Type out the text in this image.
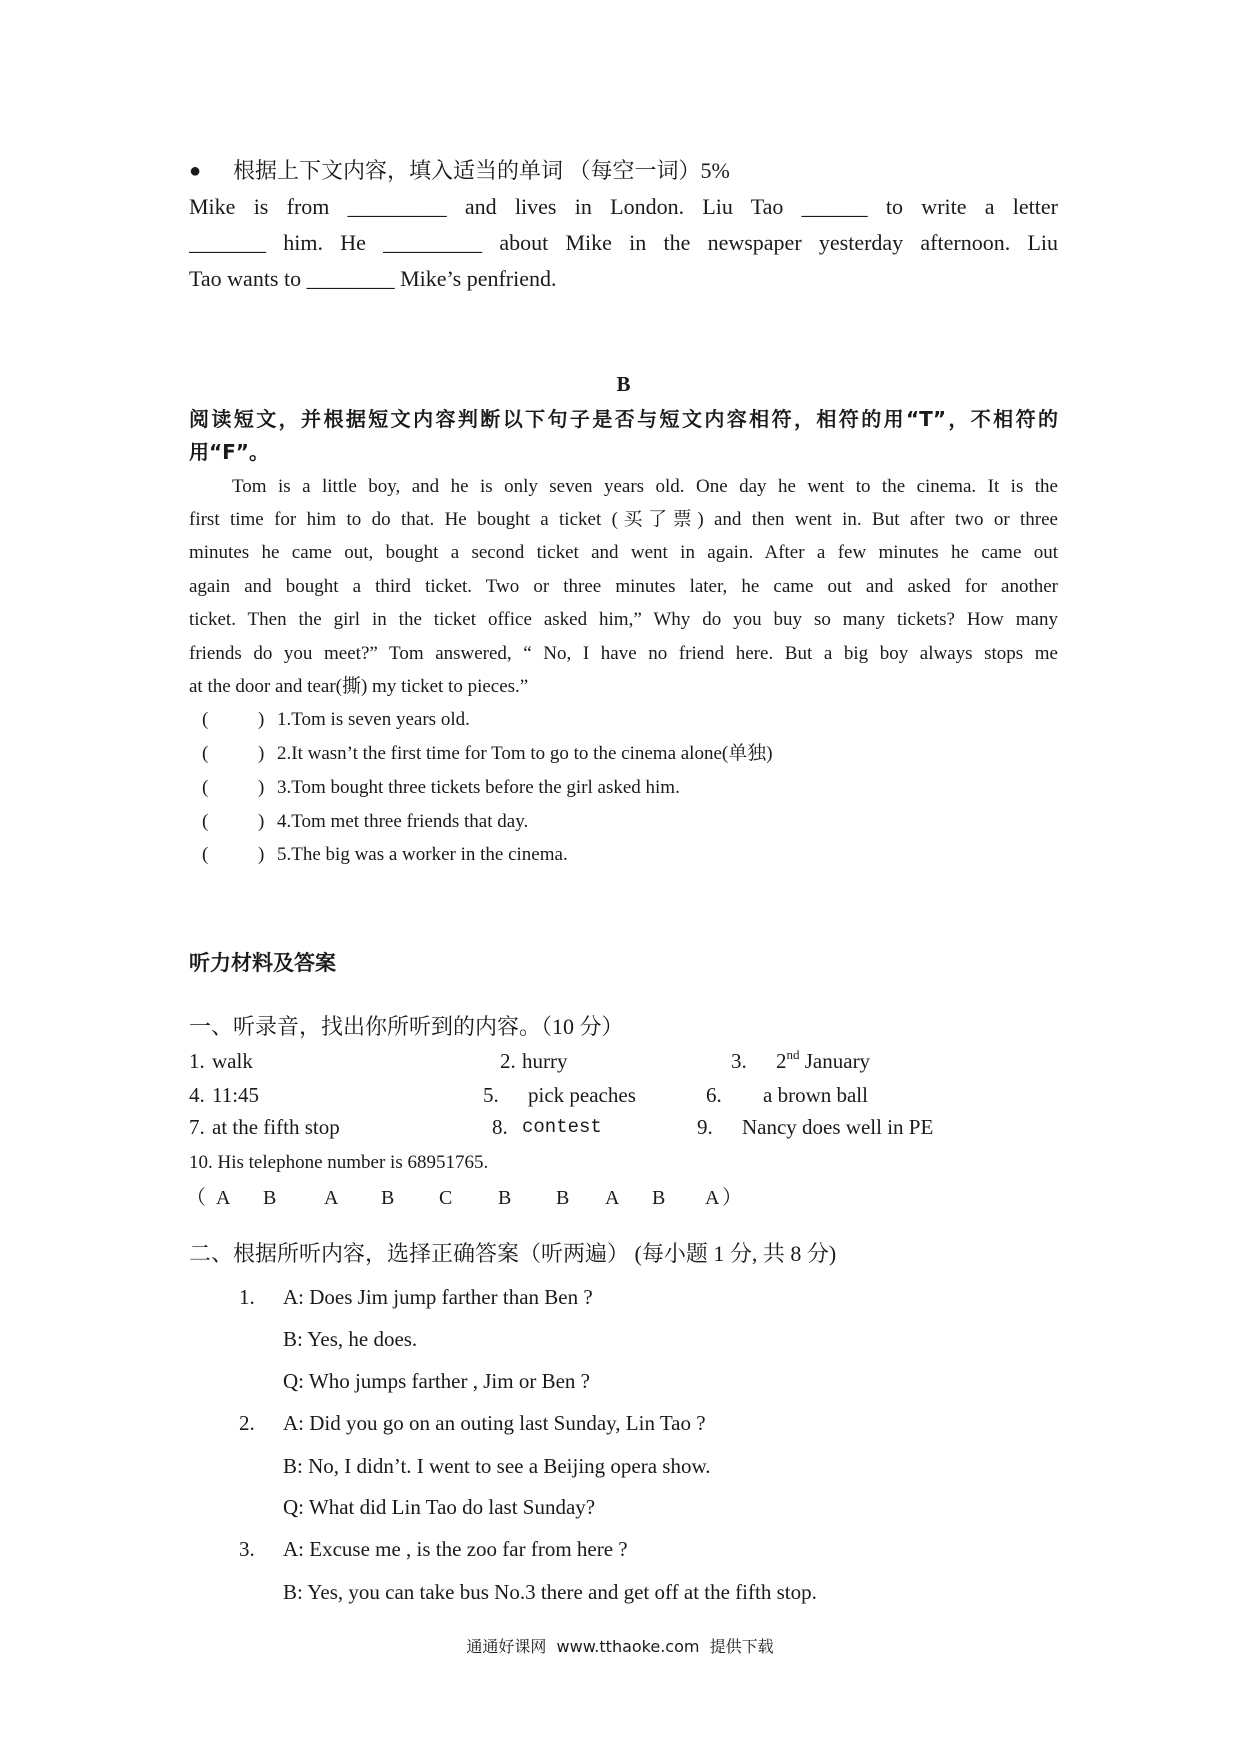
● 根据上下文内容，填入适当的单词 （每空一词）5%
Mike is from _________ and lives in London. Liu Tao ______ to write a letter
_______ him. He _________ about Mike in the newspaper yesterday afternoon. Liu
Tao wants to ________ Mike’s penfriend.
B
阅读短文，并根据短文内容判断以下句子是否与短文内容相符，相符的用“T”，不相符的
用“F”。
Tom is a little boy, and he is only seven years old. One day he went to the cinema. It is the
first time for him to do that. He bought a ticket (买了票) and then went in. But after two or three
minutes he came out, bought a second ticket and went in again. After a few minutes he came out
again and bought a third ticket. Two or three minutes later, he came out and asked for another
ticket. Then the girl in the ticket office asked him,” Why do you buy so many tickets? How many
friends do you meet?” Tom answered, “ No, I have no friend here. But a big boy always stops me
at the door and tear(撕) my ticket to pieces.”
(	) 1.Tom is seven years old.
(	) 2.It wasn’t the first time for Tom to go to the cinema alone(单独)
(	) 3.Tom bought three tickets before the girl asked him.
(	) 4.Tom met three friends that day.
(	) 5.The big was a worker in the cinema.
听力材料及答案
一、听录音，找出你所听到的内容。（10 分）
1. walk	2. hurry	3. 2nd January
4. 11:45	5. pick peaches	6. a brown ball
7. at the fifth stop	8. contest	9. Nancy does well in PE
10. His telephone number is 68951765.
（ A B A B C B B A B A ）
二、根据所听内容，选择正确答案（听两遍） (每小题 1 分, 共 8 分)
1. A: Does Jim jump farther than Ben ?
B: Yes, he does.
Q: Who jumps farther , Jim or Ben ?
2. A: Did you go on an outing last Sunday, Lin Tao ?
B: No, I didn’t. I went to see a Beijing opera show.
Q: What did Lin Tao do last Sunday?
3. A: Excuse me , is the zoo far from here ?
B: Yes, you can take bus No.3 there and get off at the fifth stop.
通通好课网  www.tthaoke.com  提供下载
